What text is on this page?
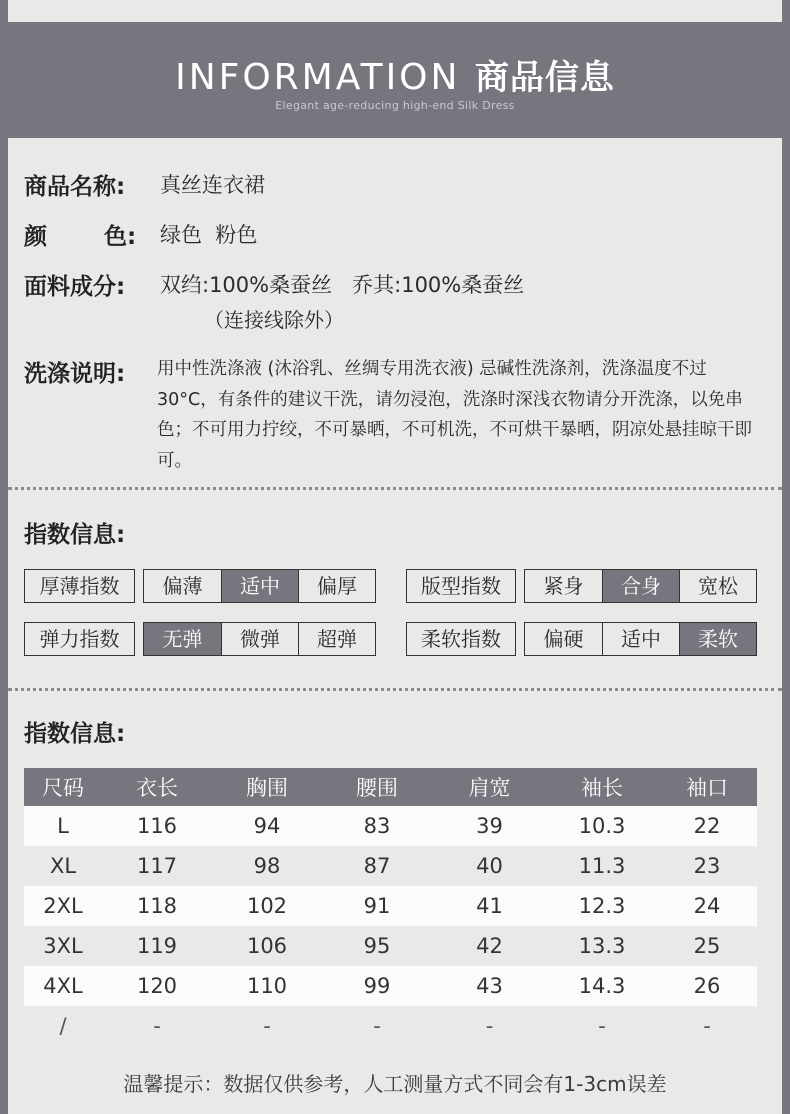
INFORMATION 商品信息
Elegant age-reducing high-end Silk Dress
商品名称: 真丝连衣裙
颜 色: 绿色  粉色
面料成分: 双绉:100%桑蚕丝   乔其:100%桑蚕丝
（连接线除外）
洗涤说明: 用中性洗涤液 (沐浴乳、丝绸专用洗衣液) 忌碱性洗涤剂，洗涤温度不过30°C，有条件的建议干洗，请勿浸泡，洗涤时深浅衣物请分开洗涤，以免串色；不可用力拧绞，不可暴晒，不可机洗，不可烘干暴晒，阴凉处悬挂晾干即可。
指数信息:
厚薄指数	偏薄	适中	偏厚	版型指数	紧身	合身	宽松
弹力指数	无弹	微弹	超弹	柔软指数	偏硬	适中	柔软
指数信息:
尺码	衣长	胸围	腰围	肩宽	袖长	袖口
L	116	94	83	39	10.3	22
XL	117	98	87	40	11.3	23
2XL	118	102	91	41	12.3	24
3XL	119	106	95	42	13.3	25
4XL	120	110	99	43	14.3	26
/	-	-	-	-	-	-
温馨提示：数据仅供参考，人工测量方式不同会有1-3cm误差
